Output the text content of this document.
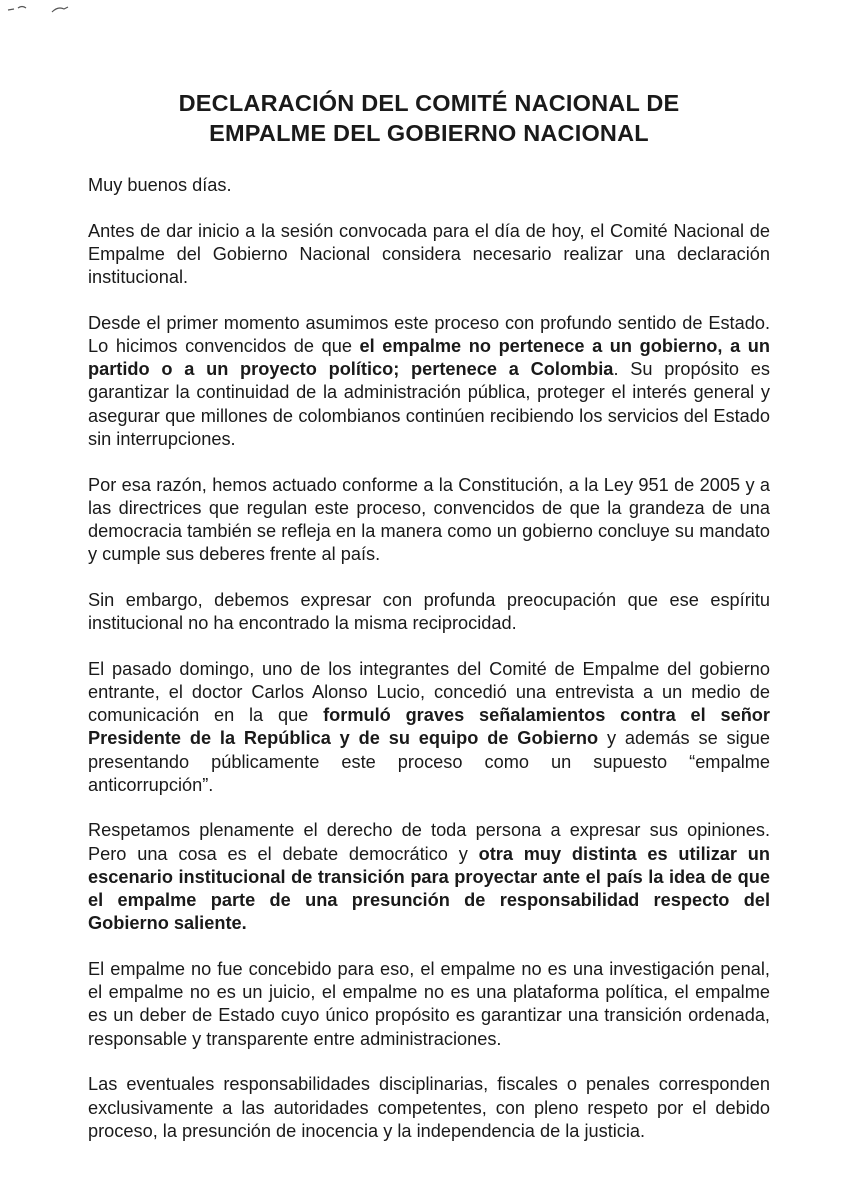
DECLARACIÓN DEL COMITÉ NACIONAL DE
EMPALME DEL GOBIERNO NACIONAL

Muy buenos días.

Antes de dar inicio a la sesión convocada para el día de hoy, el Comité Nacional de Empalme del Gobierno Nacional considera necesario realizar una declaración institucional.

Desde el primer momento asumimos este proceso con profundo sentido de Estado. Lo hicimos convencidos de que el empalme no pertenece a un gobierno, a un partido o a un proyecto político; pertenece a Colombia. Su propósito es garantizar la continuidad de la administración pública, proteger el interés general y asegurar que millones de colombianos continúen recibiendo los servicios del Estado sin interrupciones.

Por esa razón, hemos actuado conforme a la Constitución, a la Ley 951 de 2005 y a las directrices que regulan este proceso, convencidos de que la grandeza de una democracia también se refleja en la manera como un gobierno concluye su mandato y cumple sus deberes frente al país.

Sin embargo, debemos expresar con profunda preocupación que ese espíritu institucional no ha encontrado la misma reciprocidad.

El pasado domingo, uno de los integrantes del Comité de Empalme del gobierno entrante, el doctor Carlos Alonso Lucio, concedió una entrevista a un medio de comunicación en la que formuló graves señalamientos contra el señor Presidente de la República y de su equipo de Gobierno y además se sigue presentando públicamente este proceso como un supuesto “empalme anticorrupción”.

Respetamos plenamente el derecho de toda persona a expresar sus opiniones. Pero una cosa es el debate democrático y otra muy distinta es utilizar un escenario institucional de transición para proyectar ante el país la idea de que el empalme parte de una presunción de responsabilidad respecto del Gobierno saliente.

El empalme no fue concebido para eso, el empalme no es una investigación penal, el empalme no es un juicio, el empalme no es una plataforma política, el empalme es un deber de Estado cuyo único propósito es garantizar una transición ordenada, responsable y transparente entre administraciones.

Las eventuales responsabilidades disciplinarias, fiscales o penales corresponden exclusivamente a las autoridades competentes, con pleno respeto por el debido proceso, la presunción de inocencia y la independencia de la justicia.
